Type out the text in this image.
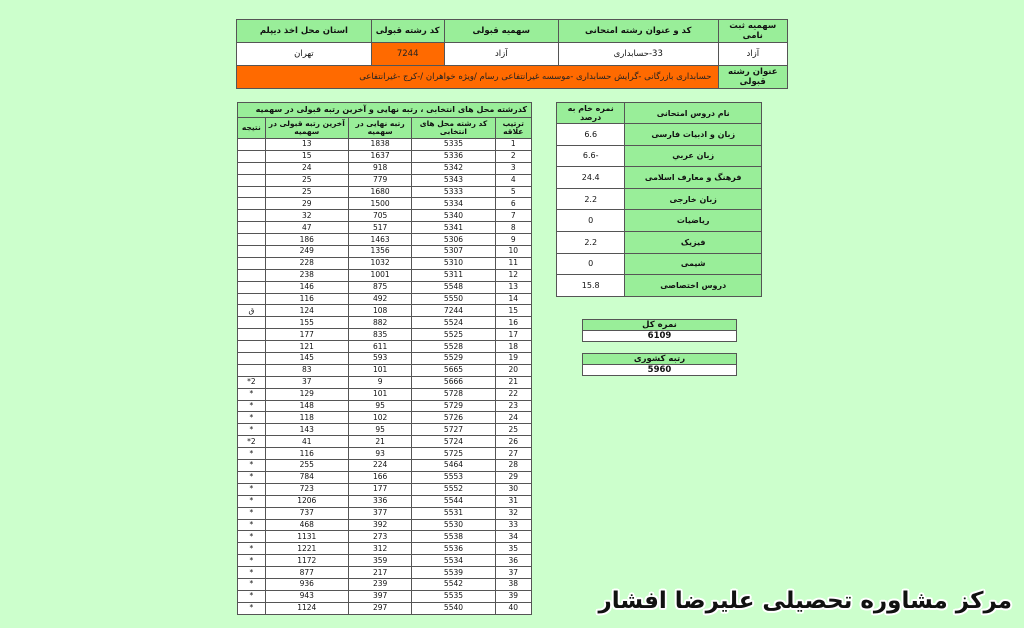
سهمیه ثبت نامی	کد و عنوان رشته امتحانی	سهمیه قبولی	کد رشته قبولی	استان محل اخذ دیپلم
آزاد	33-حسابداری	آزاد	7244	تهران
عنوان رشته قبولی	حسابداری بازرگانی -گرایش حسابداری -موسسه غیرانتفاعی رسام /ویژه خواهران /-کرج -غیرانتفاعی			
کدرشته محل های انتخابی ، رتبه نهایی و آخرین رتبه قبولی در سهمیه				
ترتیب علاقه	کد رشته محل های انتخابی	رتبه نهایی در سهمیه	آخرین رتبه قبولی در سهمیه	نتیجه
1	5335	1838	13	
2	5336	1637	15	
3	5342	918	24	
4	5343	779	25	
5	5333	1680	25	
6	5334	1500	29	
7	5340	705	32	
8	5341	517	47	
9	5306	1463	186	
10	5307	1356	249	
11	5310	1032	228	
12	5311	1001	238	
13	5548	875	146	
14	5550	492	116	
15	7244	108	124	ق
16	5524	882	155	
17	5525	835	177	
18	5528	611	121	
19	5529	593	145	
20	5665	101	83	
21	5666	9	37	2*
22	5728	101	129	*
23	5729	95	148	*
24	5726	102	118	*
25	5727	95	143	*
26	5724	21	41	2*
27	5725	93	116	*
28	5464	224	255	*
29	5553	166	784	*
30	5552	177	723	*
31	5544	336	1206	*
32	5531	377	737	*
33	5530	392	468	*
34	5538	273	1131	*
35	5536	312	1221	*
36	5534	359	1172	*
37	5539	217	877	*
38	5542	239	936	*
39	5535	397	943	*
40	5540	297	1124	*
نام دروس امتحانی	نمره خام به درصد
زبان و ادبیات فارسی	6.6
زبان عربي	-6.6
فرهنگ و معارف اسلامی	24.4
زبان خارجی	2.2
ریاضیات	0
فیزیک	2.2
شیمی	0
دروس اختصاصی	15.8
نمره کل
6109
رتبه کشوری
5960
مرکز مشاوره تحصیلی علیرضا افشار
